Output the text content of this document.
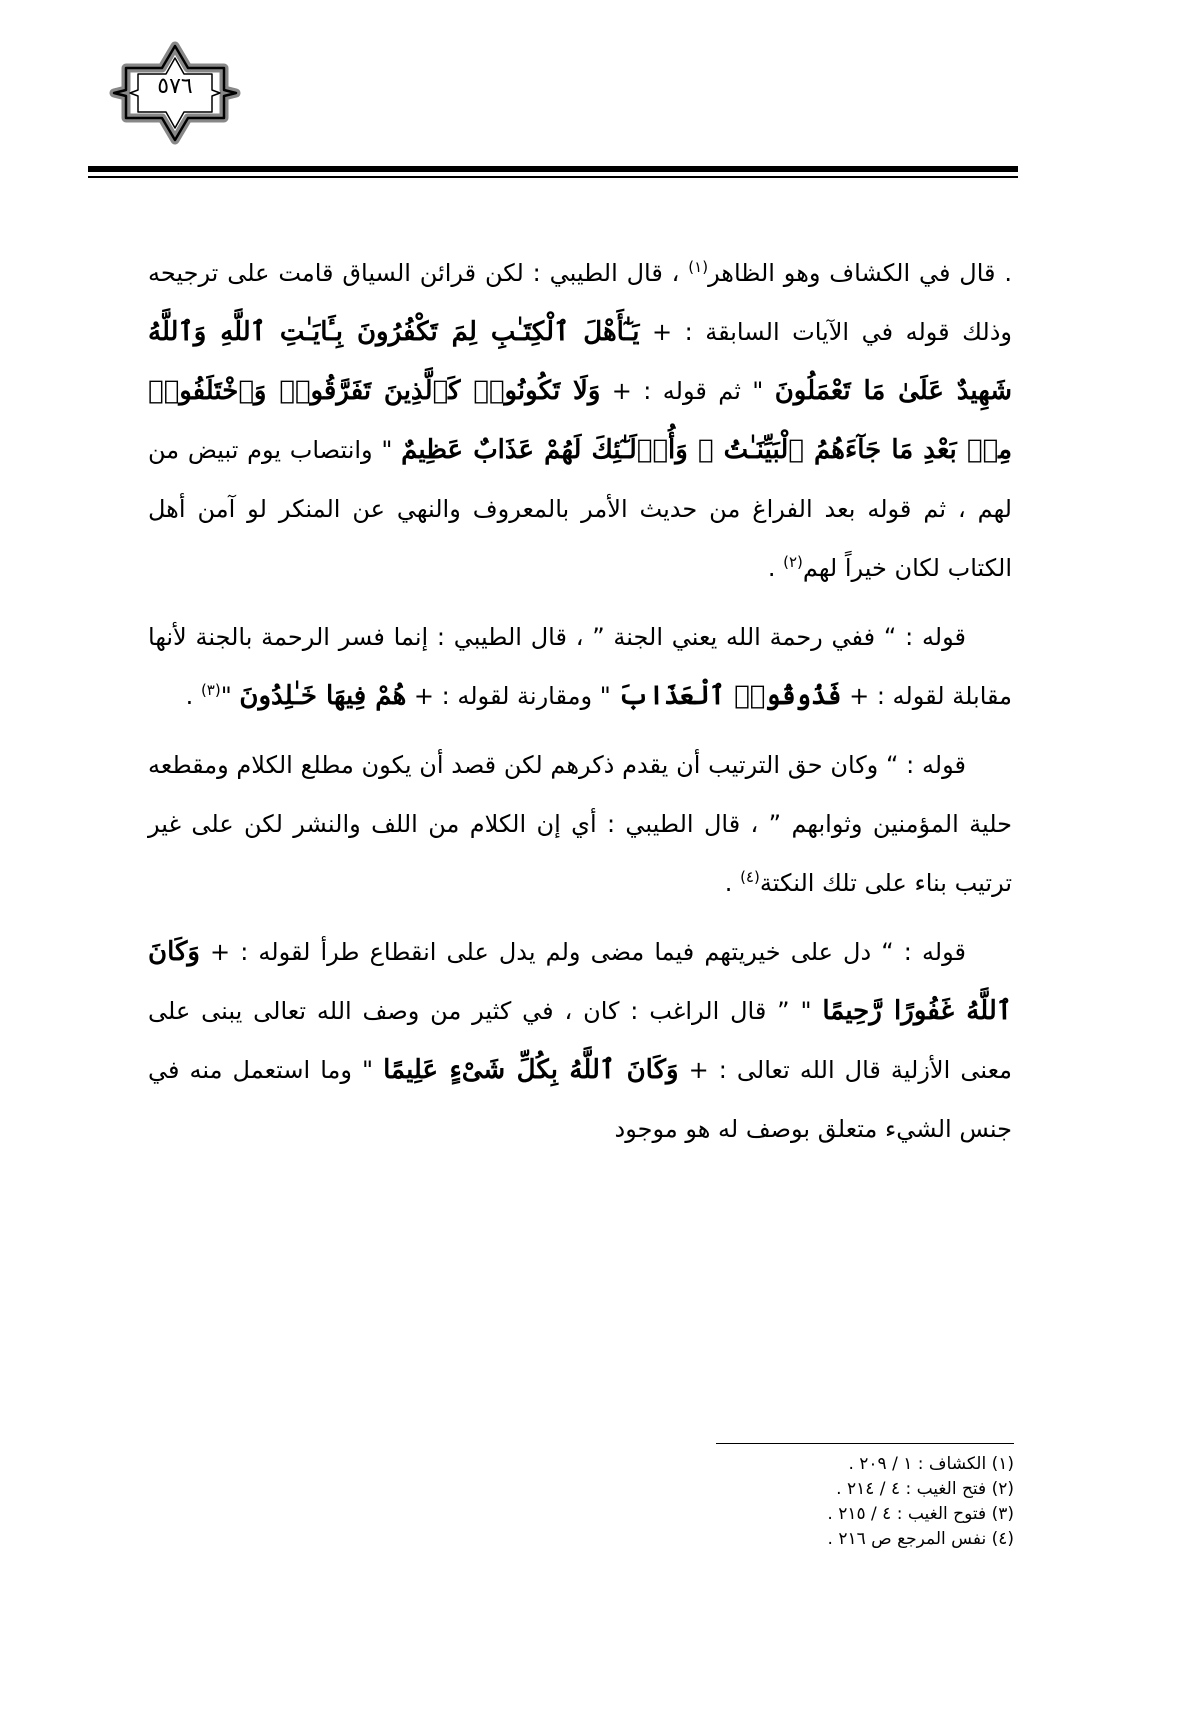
٥٧٦

. قال في الكشاف وهو الظاهر$^{(١)}$ ، قال الطيبي : لكن قرائن السياق قامت على ترجيحه وذلك قوله في الآيات السابقة : + يَـٰٓأَهْلَ ٱلْكِتَـٰبِ لِمَ تَكْفُرُونَ بِـَٔايَـٰتِ ٱللَّهِ وَٱللَّهُ شَهِيدٌ عَلَىٰ مَا تَعْمَلُونَ " ثم قوله : + وَلَا تَكُونُوا۟ كَٱلَّذِينَ تَفَرَّقُوا۟ وَٱخْتَلَفُوا۟ مِنۢ بَعْدِ مَا جَآءَهُمُ ٱلْبَيِّنَـٰتُ ۚ وَأُو۟لَـٰٓئِكَ لَهُمْ عَذَابٌ عَظِيمٌ " وانتصاب يوم تبيض من لهم ، ثم قوله بعد الفراغ من حديث الأمر بالمعروف والنهي عن المنكر لو آمن أهل الكتاب لكان خيراً لهم$^{(٢)}$ .

قوله : “ ففي رحمة الله يعني الجنة ” ، قال الطيبي : إنما فسر الرحمة بالجنة لأنها مقابلة لقوله : + فَذُوقُوا۟ ٱلْعَذَابَ " ومقارنة لقوله : + هُمْ فِيهَا خَـٰلِدُونَ "$^{(٣)}$ .

قوله : “ وكان حق الترتيب أن يقدم ذكرهم لكن قصد أن يكون مطلع الكلام ومقطعه حلية المؤمنين وثوابهم ” ، قال الطيبي : أي إن الكلام من اللف والنشر لكن على غير ترتيب بناء على تلك النكتة$^{(٤)}$ .

قوله : “ دل على خيريتهم فيما مضى ولم يدل على انقطاع طرأ لقوله : + وَكَانَ ٱللَّهُ غَفُورًا رَّحِيمًا " ” قال الراغب : كان ، في كثير من وصف الله تعالى يبنى على معنى الأزلية قال الله تعالى : + وَكَانَ ٱللَّهُ بِكُلِّ شَىْءٍ عَلِيمًا " وما استعمل منه في جنس الشيء متعلق بوصف له هو موجود

(١) الكشاف : ١ / ٢٠٩ .
(٢) فتح الغيب : ٤ / ٢١٤ .
(٣) فتوح الغيب : ٤ / ٢١٥ .
(٤) نفس المرجع ص ٢١٦ .
